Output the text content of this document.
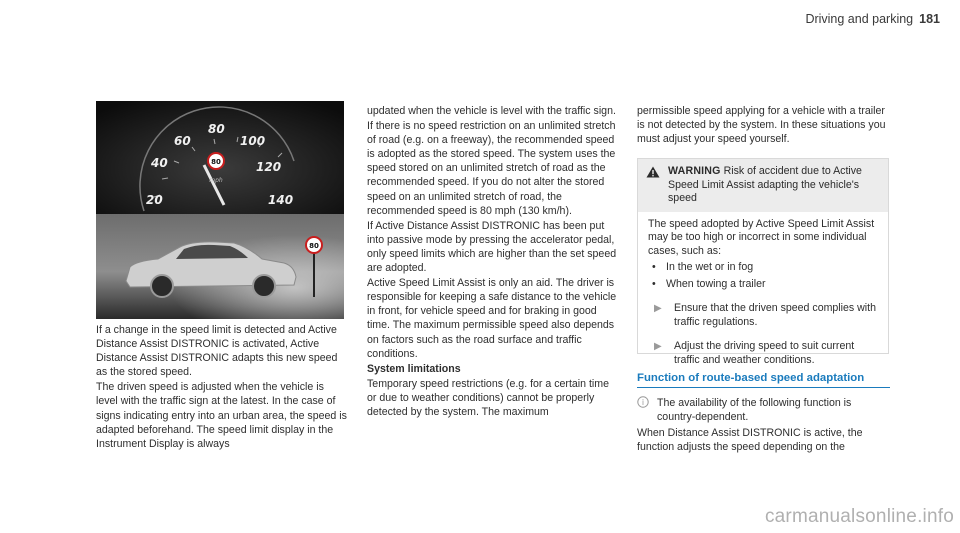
Driving and parking 181
20
40
60
80
100
120
140
80
mph
80

If a change in the speed limit is detected and Active Distance Assist DISTRONIC is activated, Active Distance Assist DISTRONIC adapts this new speed as the stored speed.

The driven speed is adjusted when the vehicle is level with the traffic sign at the latest. In the case of signs indicating entry into an urban area, the speed is adapted beforehand. The speed limit display in the Instrument Display is always

updated when the vehicle is level with the traffic sign.

If there is no speed restriction on an unlimited stretch of road (e.g. on a freeway), the recommended speed is adopted as the stored speed. The system uses the speed stored on an unlimited stretch of road as the recommended speed. If you do not alter the stored speed on an unlimited stretch of road, the recommended speed is 80 mph (130 km/h).

If Active Distance Assist DISTRONIC has been put into passive mode by pressing the accelerator pedal, only speed limits which are higher than the set speed are adopted.

Active Speed Limit Assist is only an aid. The driver is responsible for keeping a safe distance to the vehicle in front, for vehicle speed and for braking in good time. The maximum permissible speed also depends on factors such as the road surface and traffic conditions.

System limitations

Temporary speed restrictions (e.g. for a certain time or due to weather conditions) cannot be properly detected by the system. The maximum

permissible speed applying for a vehicle with a trailer is not detected by the system. In these situations you must adjust your speed yourself.

WARNING Risk of accident due to Active Speed Limit Assist adapting the vehicle's speed

The speed adopted by Active Speed Limit Assist may be too high or incorrect in some individual cases, such as:

• In the wet or in fog
• When towing a trailer
▶	Ensure that the driven speed complies with traffic regulations.
▶	Adjust the driving speed to suit current traffic and weather conditions.
Function of route-based speed adaptation
i The availability of the following function is country-dependent.

When Distance Assist DISTRONIC is active, the function adjusts the speed depending on the

carmanualsonline.info
